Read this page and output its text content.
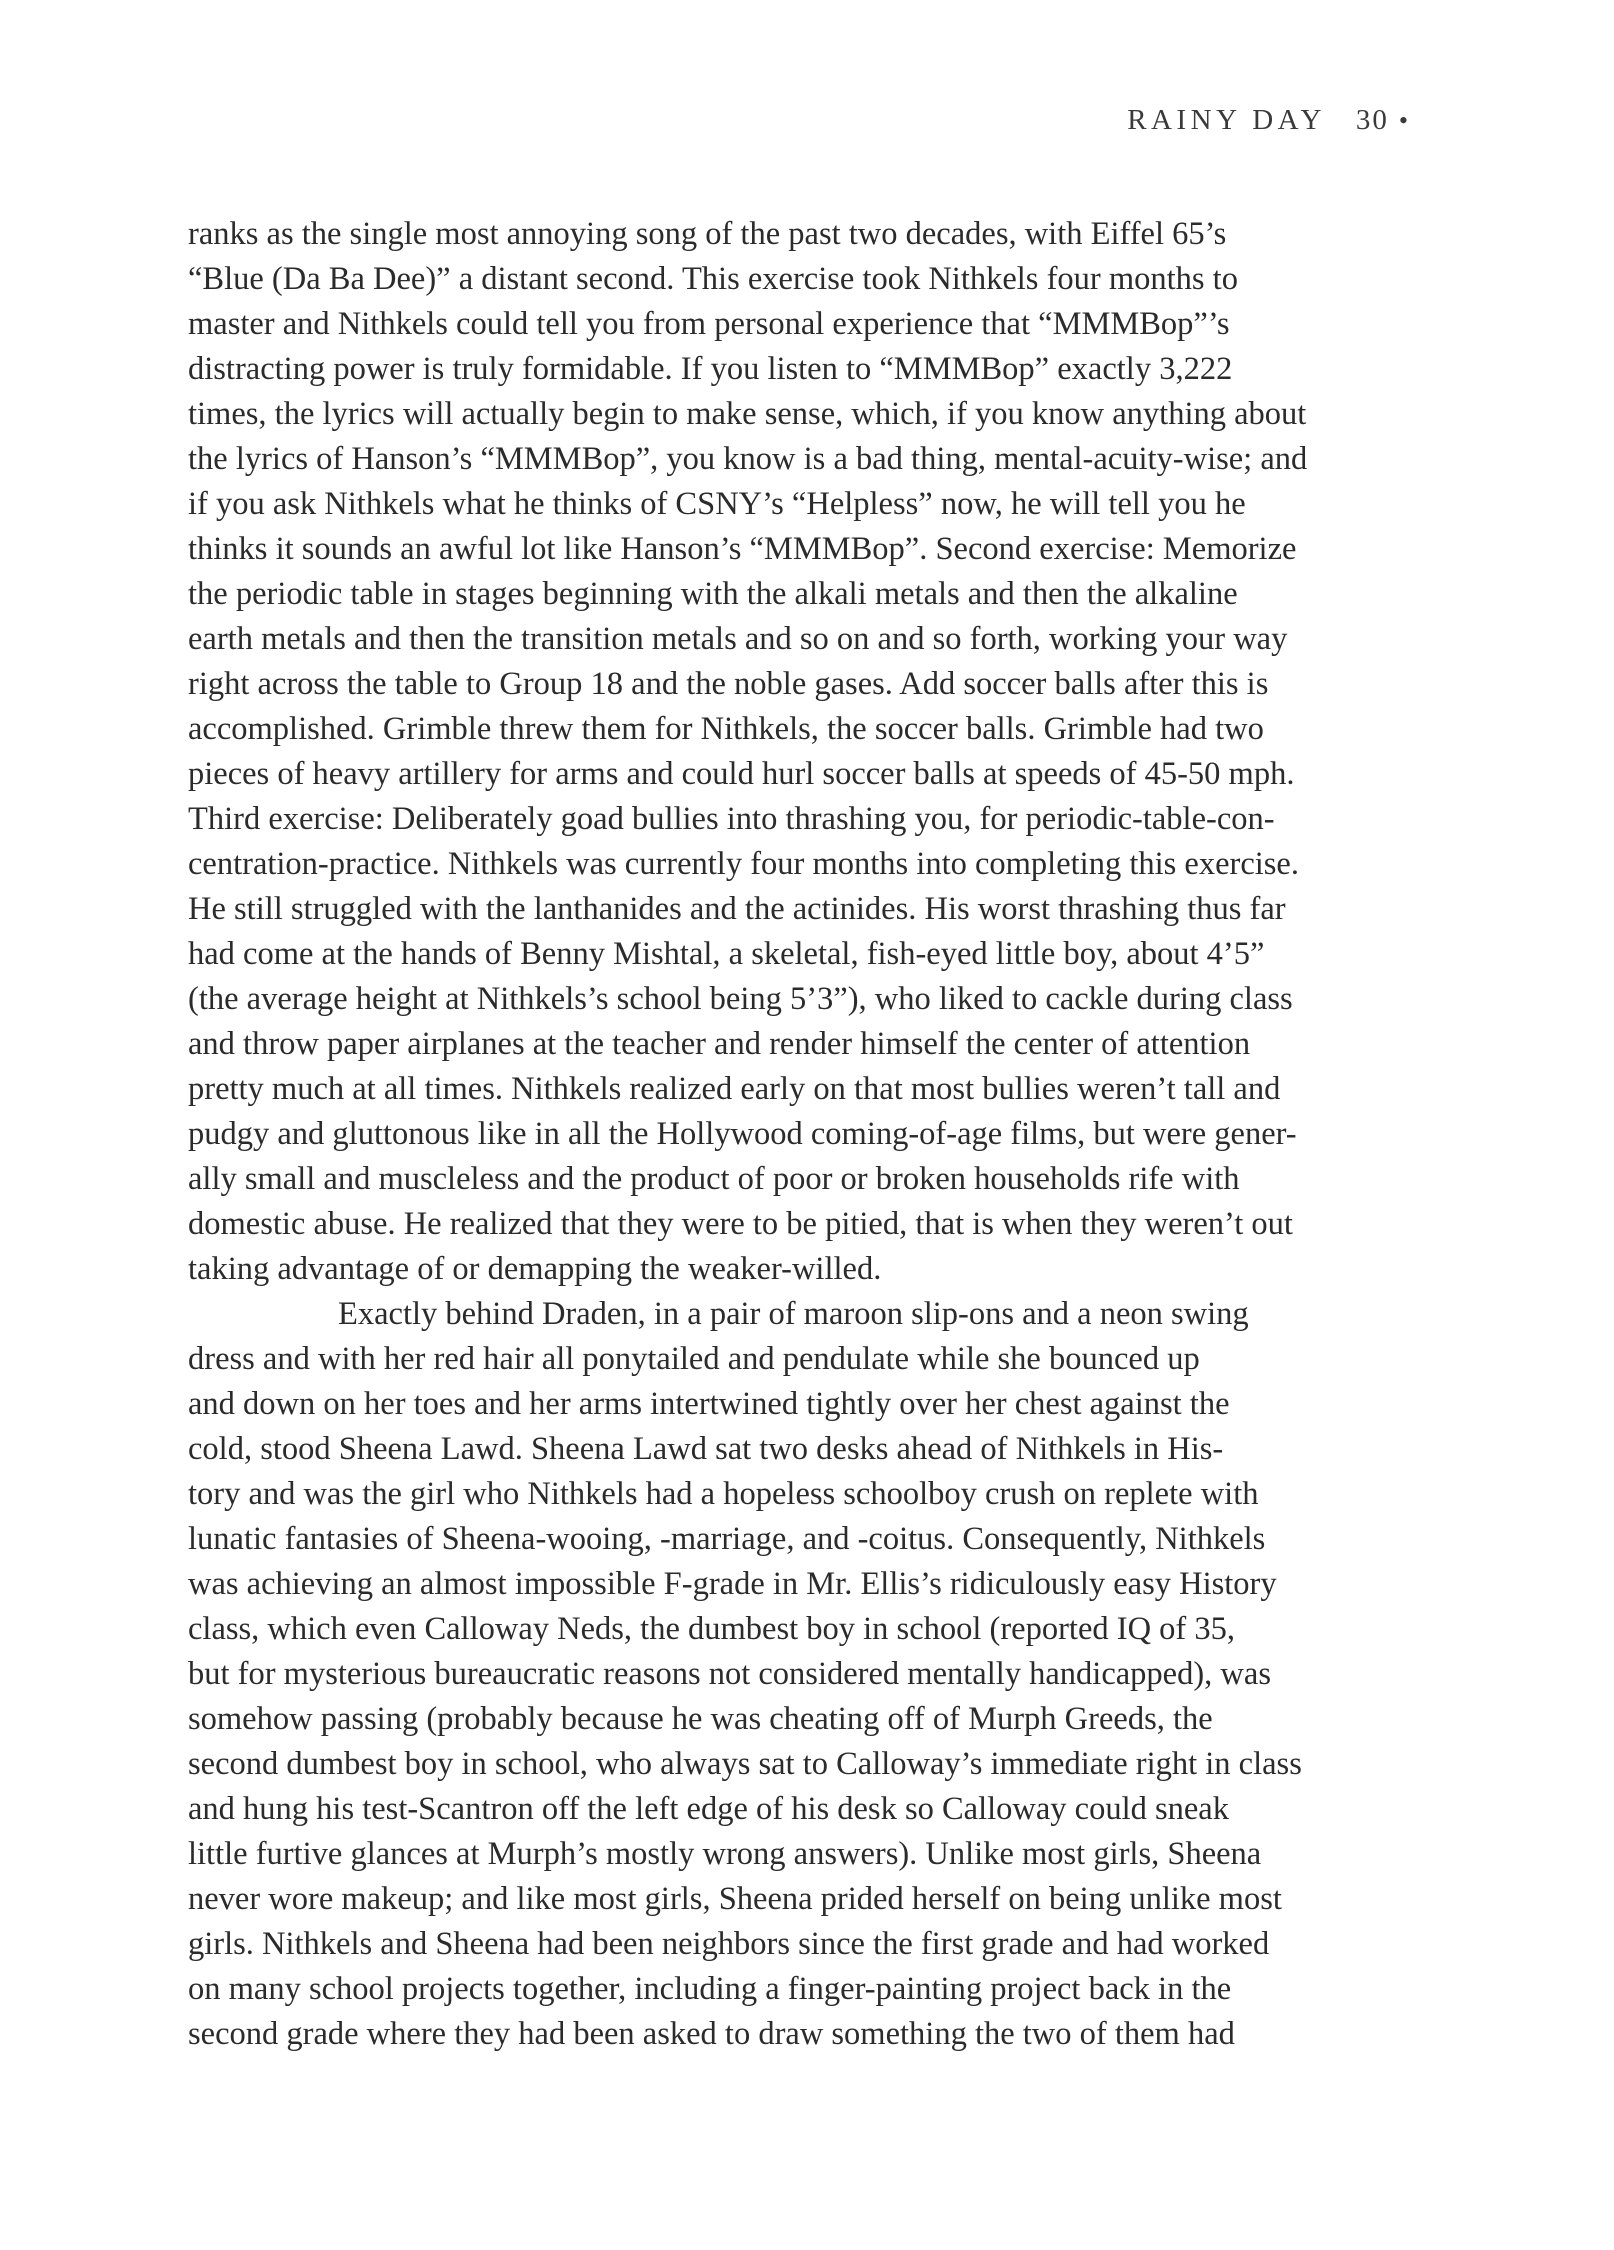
RAINY DAY 30 •
ranks as the single most annoying song of the past two decades, with Eiffel 65’s
“Blue (Da Ba Dee)” a distant second. This exercise took Nithkels four months to
master and Nithkels could tell you from personal experience that “MMMBop”’s
distracting power is truly formidable. If you listen to “MMMBop” exactly 3,222
times, the lyrics will actually begin to make sense, which, if you know anything about
the lyrics of Hanson’s “MMMBop”, you know is a bad thing, mental-acuity-wise; and
if you ask Nithkels what he thinks of CSNY’s “Helpless” now, he will tell you he
thinks it sounds an awful lot like Hanson’s “MMMBop”. Second exercise: Memorize
the periodic table in stages beginning with the alkali metals and then the alkaline
earth metals and then the transition metals and so on and so forth, working your way
right across the table to Group 18 and the noble gases. Add soccer balls after this is
accomplished. Grimble threw them for Nithkels, the soccer balls. Grimble had two
pieces of heavy artillery for arms and could hurl soccer balls at speeds of 45-50 mph.
Third exercise: Deliberately goad bullies into thrashing you, for periodic-table-con-
centration-practice. Nithkels was currently four months into completing this exercise.
He still struggled with the lanthanides and the actinides. His worst thrashing thus far
had come at the hands of Benny Mishtal, a skeletal, fish-eyed little boy, about 4’5”
(the average height at Nithkels’s school being 5’3”), who liked to cackle during class
and throw paper airplanes at the teacher and render himself the center of attention
pretty much at all times. Nithkels realized early on that most bullies weren’t tall and
pudgy and gluttonous like in all the Hollywood coming-of-age films, but were gener-
ally small and muscleless and the product of poor or broken households rife with
domestic abuse. He realized that they were to be pitied, that is when they weren’t out
taking advantage of or demapping the weaker-willed.
Exactly behind Draden, in a pair of maroon slip-ons and a neon swing
dress and with her red hair all ponytailed and pendulate while she bounced up
and down on her toes and her arms intertwined tightly over her chest against the
cold, stood Sheena Lawd. Sheena Lawd sat two desks ahead of Nithkels in His-
tory and was the girl who Nithkels had a hopeless schoolboy crush on replete with
lunatic fantasies of Sheena-wooing, -marriage, and -coitus. Consequently, Nithkels
was achieving an almost impossible F-grade in Mr. Ellis’s ridiculously easy History
class, which even Calloway Neds, the dumbest boy in school (reported IQ of 35,
but for mysterious bureaucratic reasons not considered mentally handicapped), was
somehow passing (probably because he was cheating off of Murph Greeds, the
second dumbest boy in school, who always sat to Calloway’s immediate right in class
and hung his test-Scantron off the left edge of his desk so Calloway could sneak
little furtive glances at Murph’s mostly wrong answers). Unlike most girls, Sheena
never wore makeup; and like most girls, Sheena prided herself on being unlike most
girls. Nithkels and Sheena had been neighbors since the first grade and had worked
on many school projects together, including a finger-painting project back in the
second grade where they had been asked to draw something the two of them had
